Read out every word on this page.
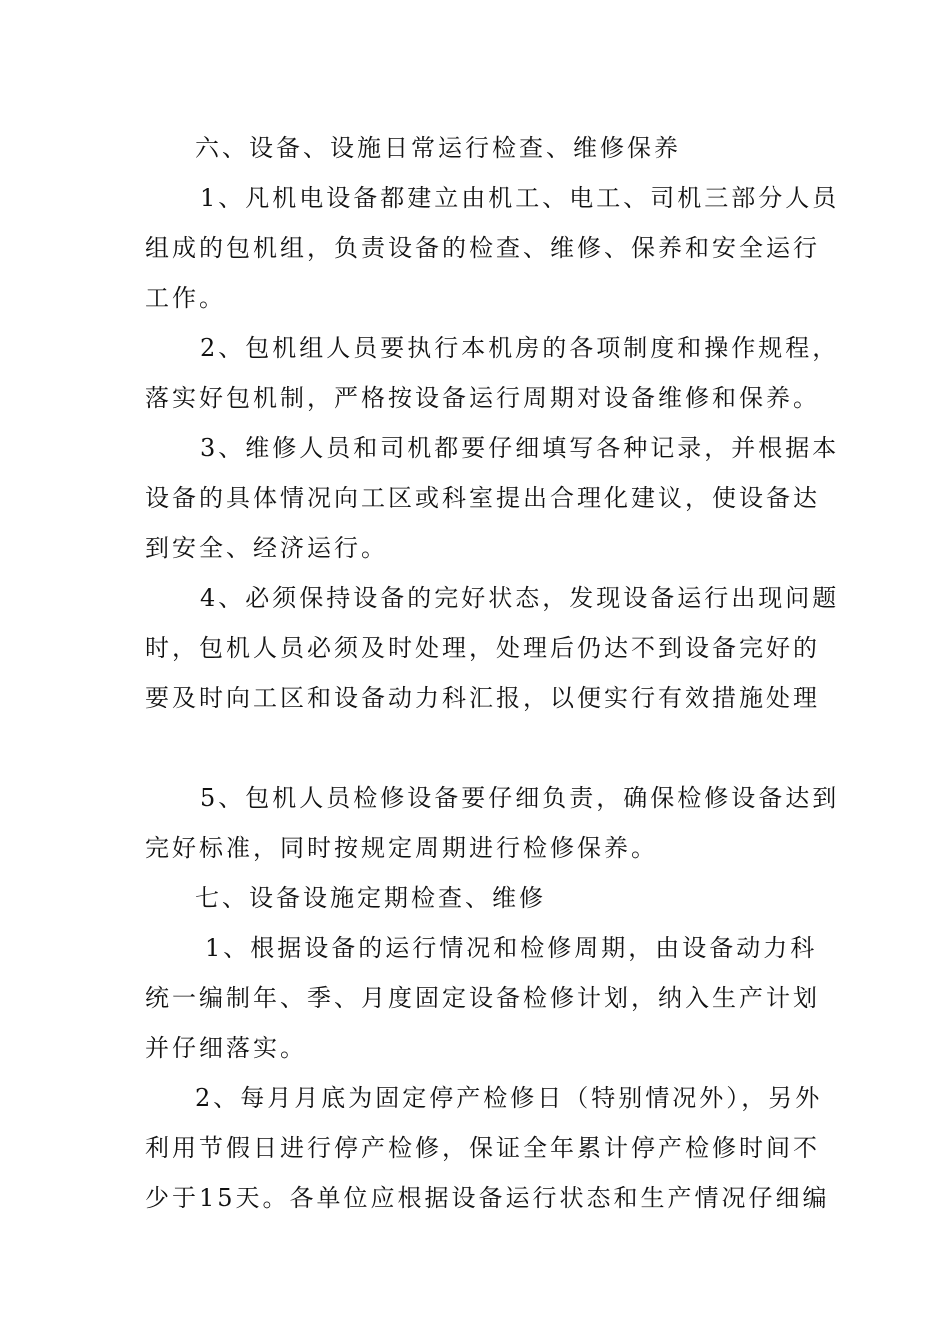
六、设备、设施日常运行检查、维修保养
1、凡机电设备都建立由机工、电工、司机三部分人员
组成的包机组，负责设备的检查、维修、保养和安全运行
工作。
2、包机组人员要执行本机房的各项制度和操作规程，
落实好包机制，严格按设备运行周期对设备维修和保养。
3、维修人员和司机都要仔细填写各种记录，并根据本
设备的具体情况向工区或科室提出合理化建议，使设备达
到安全、经济运行。
4、必须保持设备的完好状态，发现设备运行出现问题
时，包机人员必须及时处理，处理后仍达不到设备完好的
要及时向工区和设备动力科汇报，以便实行有效措施处理
5、包机人员检修设备要仔细负责，确保检修设备达到
完好标准，同时按规定周期进行检修保养。
七、设备设施定期检查、维修
1、根据设备的运行情况和检修周期，由设备动力科
统一编制年、季、月度固定设备检修计划，纳入生产计划
并仔细落实。
2、每月月底为固定停产检修日（特别情况外），另外
利用节假日进行停产检修，保证全年累计停产检修时间不
少于15天。各单位应根据设备运行状态和生产情况仔细编
